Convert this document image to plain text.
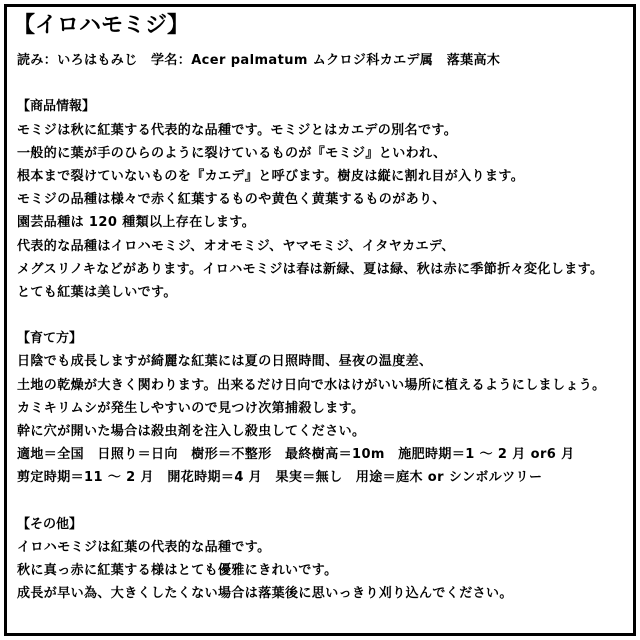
【イロハモミジ】
読み：いろはもみじ　学名：Acer palmatum ムクロジ科カエデ属　落葉高木
【商品情報】
モミジは秋に紅葉する代表的な品種です。モミジとはカエデの別名です。
一般的に葉が手のひらのように裂けているものが『モミジ』といわれ、
根本まで裂けていないものを『カエデ』と呼びます。樹皮は縦に割れ目が入ります。
モミジの品種は様々で赤く紅葉するものや黄色く黄葉するものがあり、
園芸品種は 120 種類以上存在します。
代表的な品種はイロハモミジ、オオモミジ、ヤマモミジ、イタヤカエデ、
メグスリノキなどがあります。イロハモミジは春は新緑、夏は緑、秋は赤に季節折々変化します。
とても紅葉は美しいです。
【育て方】
日陰でも成長しますが綺麗な紅葉には夏の日照時間、昼夜の温度差、
土地の乾燥が大きく関わります。出来るだけ日向で水はけがいい場所に植えるようにしましょう。
カミキリムシが発生しやすいので見つけ次第捕殺します。
幹に穴が開いた場合は殺虫剤を注入し殺虫してください。
適地＝全国　日照り＝日向　樹形＝不整形　最終樹高＝10m　施肥時期＝1 ～ 2 月 or6 月
剪定時期＝11 ～ 2 月　開花時期＝4 月　果実＝無し　用途＝庭木 or シンボルツリー
【その他】
イロハモミジは紅葉の代表的な品種です。
秋に真っ赤に紅葉する様はとても優雅にきれいです。
成長が早い為、大きくしたくない場合は落葉後に思いっきり刈り込んでください。
